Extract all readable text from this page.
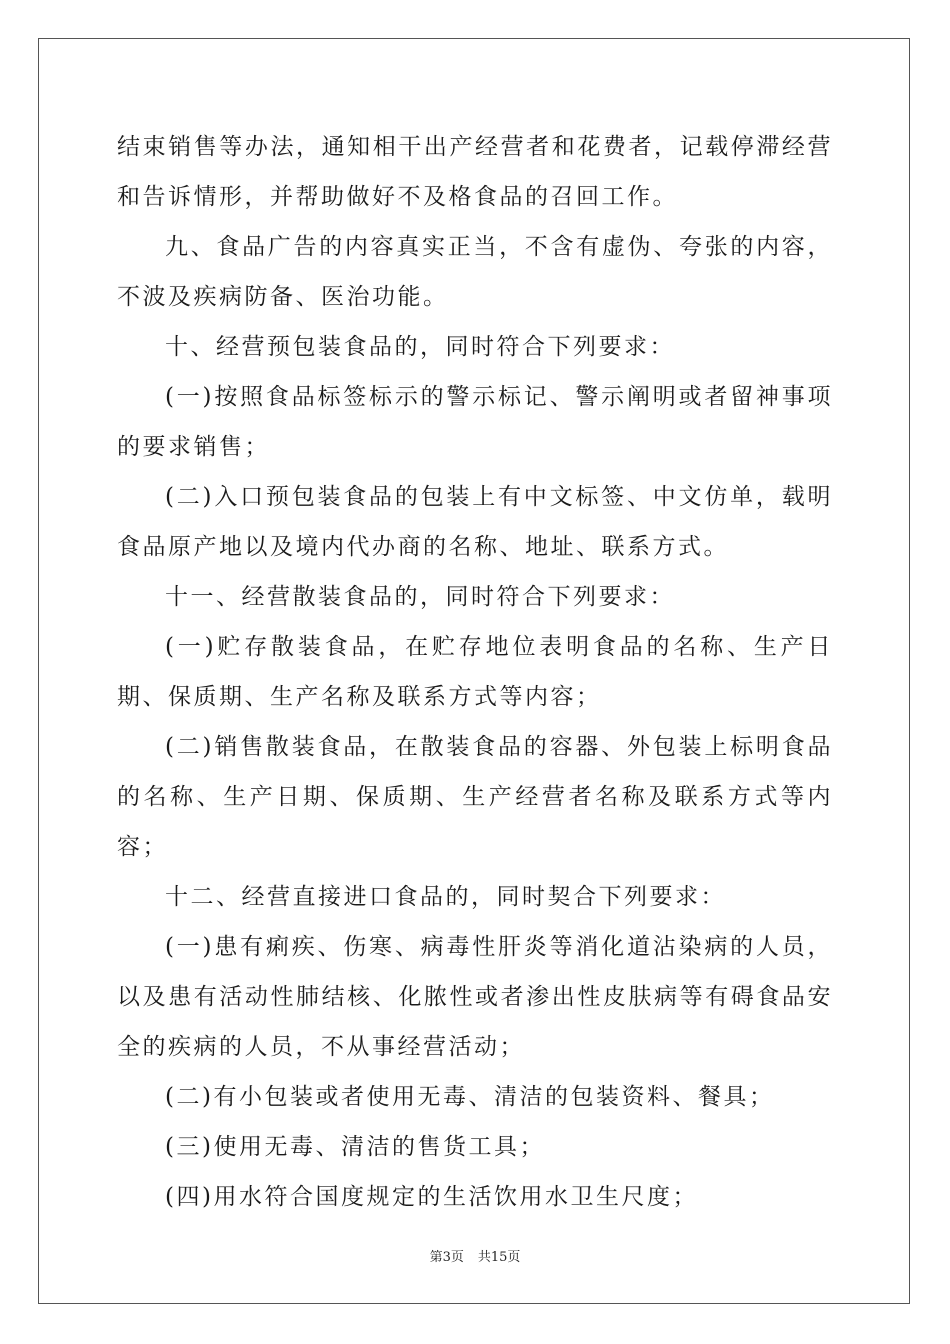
结束销售等办法，通知相干出产经营者和花费者，记载停滞经营和告诉情形，并帮助做好不及格食品的召回工作。

九、食品广告的内容真实正当，不含有虚伪、夸张的内容，不波及疾病防备、医治功能。

十、经营预包装食品的，同时符合下列要求：

(一)按照食品标签标示的警示标记、警示阐明或者留神事项的要求销售；

(二)入口预包装食品的包装上有中文标签、中文仿单，载明食品原产地以及境内代办商的名称、地址、联系方式。

十一、经营散装食品的，同时符合下列要求：

(一)贮存散装食品，在贮存地位表明食品的名称、生产日期、保质期、生产名称及联系方式等内容；

(二)销售散装食品，在散装食品的容器、外包装上标明食品的名称、生产日期、保质期、生产经营者名称及联系方式等内容；

十二、经营直接进口食品的，同时契合下列要求：

(一)患有痢疾、伤寒、病毒性肝炎等消化道沾染病的人员，以及患有活动性肺结核、化脓性或者渗出性皮肤病等有碍食品安全的疾病的人员，不从事经营活动；

(二)有小包装或者使用无毒、清洁的包装资料、餐具；

(三)使用无毒、清洁的售货工具；

(四)用水符合国度规定的生活饮用水卫生尺度；

第3页 共15页
